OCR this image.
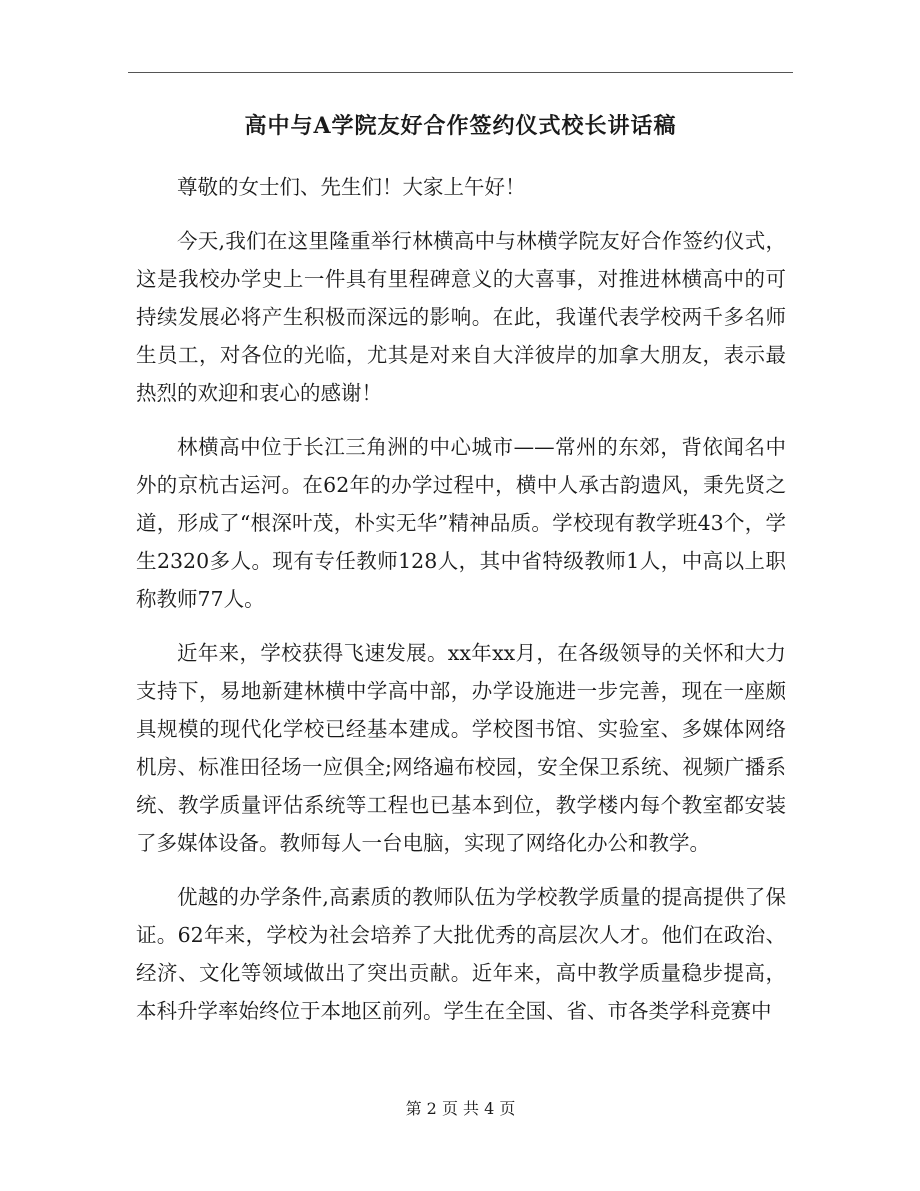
高中与A学院友好合作签约仪式校长讲话稿

尊敬的女士们、先生们！大家上午好！

今天,我们在这里隆重举行林横高中与林横学院友好合作签约仪式，这是我校办学史上一件具有里程碑意义的大喜事，对推进林横高中的可持续发展必将产生积极而深远的影响。在此，我谨代表学校两千多名师生员工，对各位的光临，尤其是对来自大洋彼岸的加拿大朋友，表示最热烈的欢迎和衷心的感谢！

林横高中位于长江三角洲的中心城市——常州的东郊，背依闻名中外的京杭古运河。在62年的办学过程中，横中人承古韵遗风，秉先贤之道，形成了“根深叶茂，朴实无华”精神品质。学校现有教学班43个，学生2320多人。现有专任教师128人，其中省特级教师1人，中高以上职称教师77人。

近年来，学校获得飞速发展。xx年xx月，在各级领导的关怀和大力支持下，易地新建林横中学高中部，办学设施进一步完善，现在一座颇具规模的现代化学校已经基本建成。学校图书馆、实验室、多媒体网络机房、标准田径场一应俱全;网络遍布校园，安全保卫系统、视频广播系统、教学质量评估系统等工程也已基本到位，教学楼内每个教室都安装了多媒体设备。教师每人一台电脑，实现了网络化办公和教学。

优越的办学条件,高素质的教师队伍为学校教学质量的提高提供了保证。62年来，学校为社会培养了大批优秀的高层次人才。他们在政治、经济、文化等领域做出了突出贡献。近年来，高中教学质量稳步提高，本科升学率始终位于本地区前列。学生在全国、省、市各类学科竞赛中

第 2 页 共 4 页
